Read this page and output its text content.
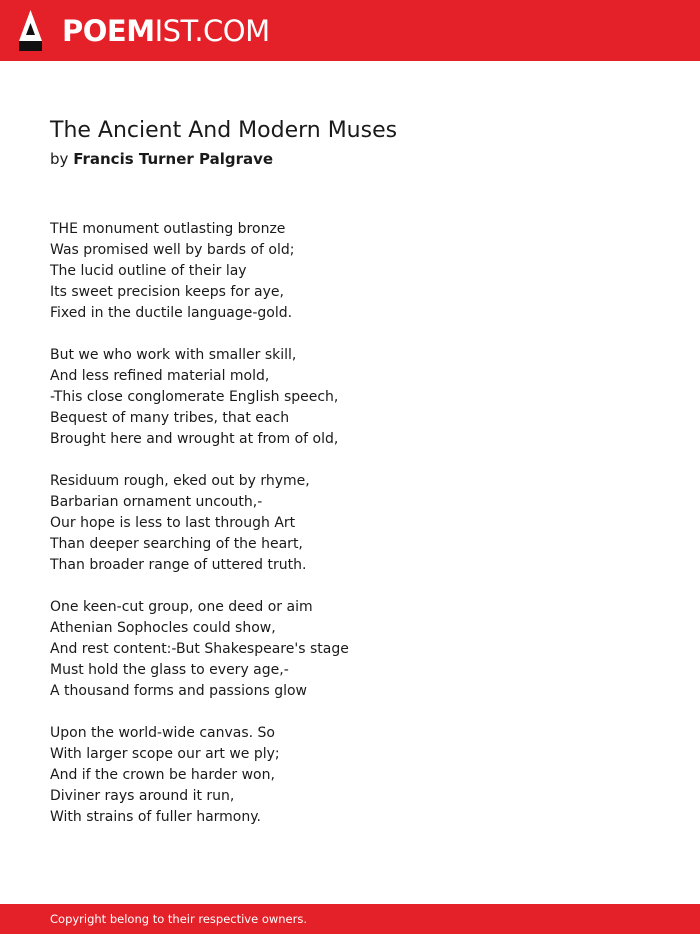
POEMIST.COM
The Ancient And Modern Muses
by Francis Turner Palgrave
THE monument outlasting bronze
Was promised well by bards of old;
The lucid outline of their lay
Its sweet precision keeps for aye,
Fixed in the ductile language-gold.
But we who work with smaller skill,
And less refined material mold,
-This close conglomerate English speech,
Bequest of many tribes, that each
Brought here and wrought at from of old,
Residuum rough, eked out by rhyme,
Barbarian ornament uncouth,-
Our hope is less to last through Art
Than deeper searching of the heart,
Than broader range of uttered truth.
One keen-cut group, one deed or aim
Athenian Sophocles could show,
And rest content:-But Shakespeare's stage
Must hold the glass to every age,-
A thousand forms and passions glow
Upon the world-wide canvas. So
With larger scope our art we ply;
And if the crown be harder won,
Diviner rays around it run,
With strains of fuller harmony.
Copyright belong to their respective owners.
